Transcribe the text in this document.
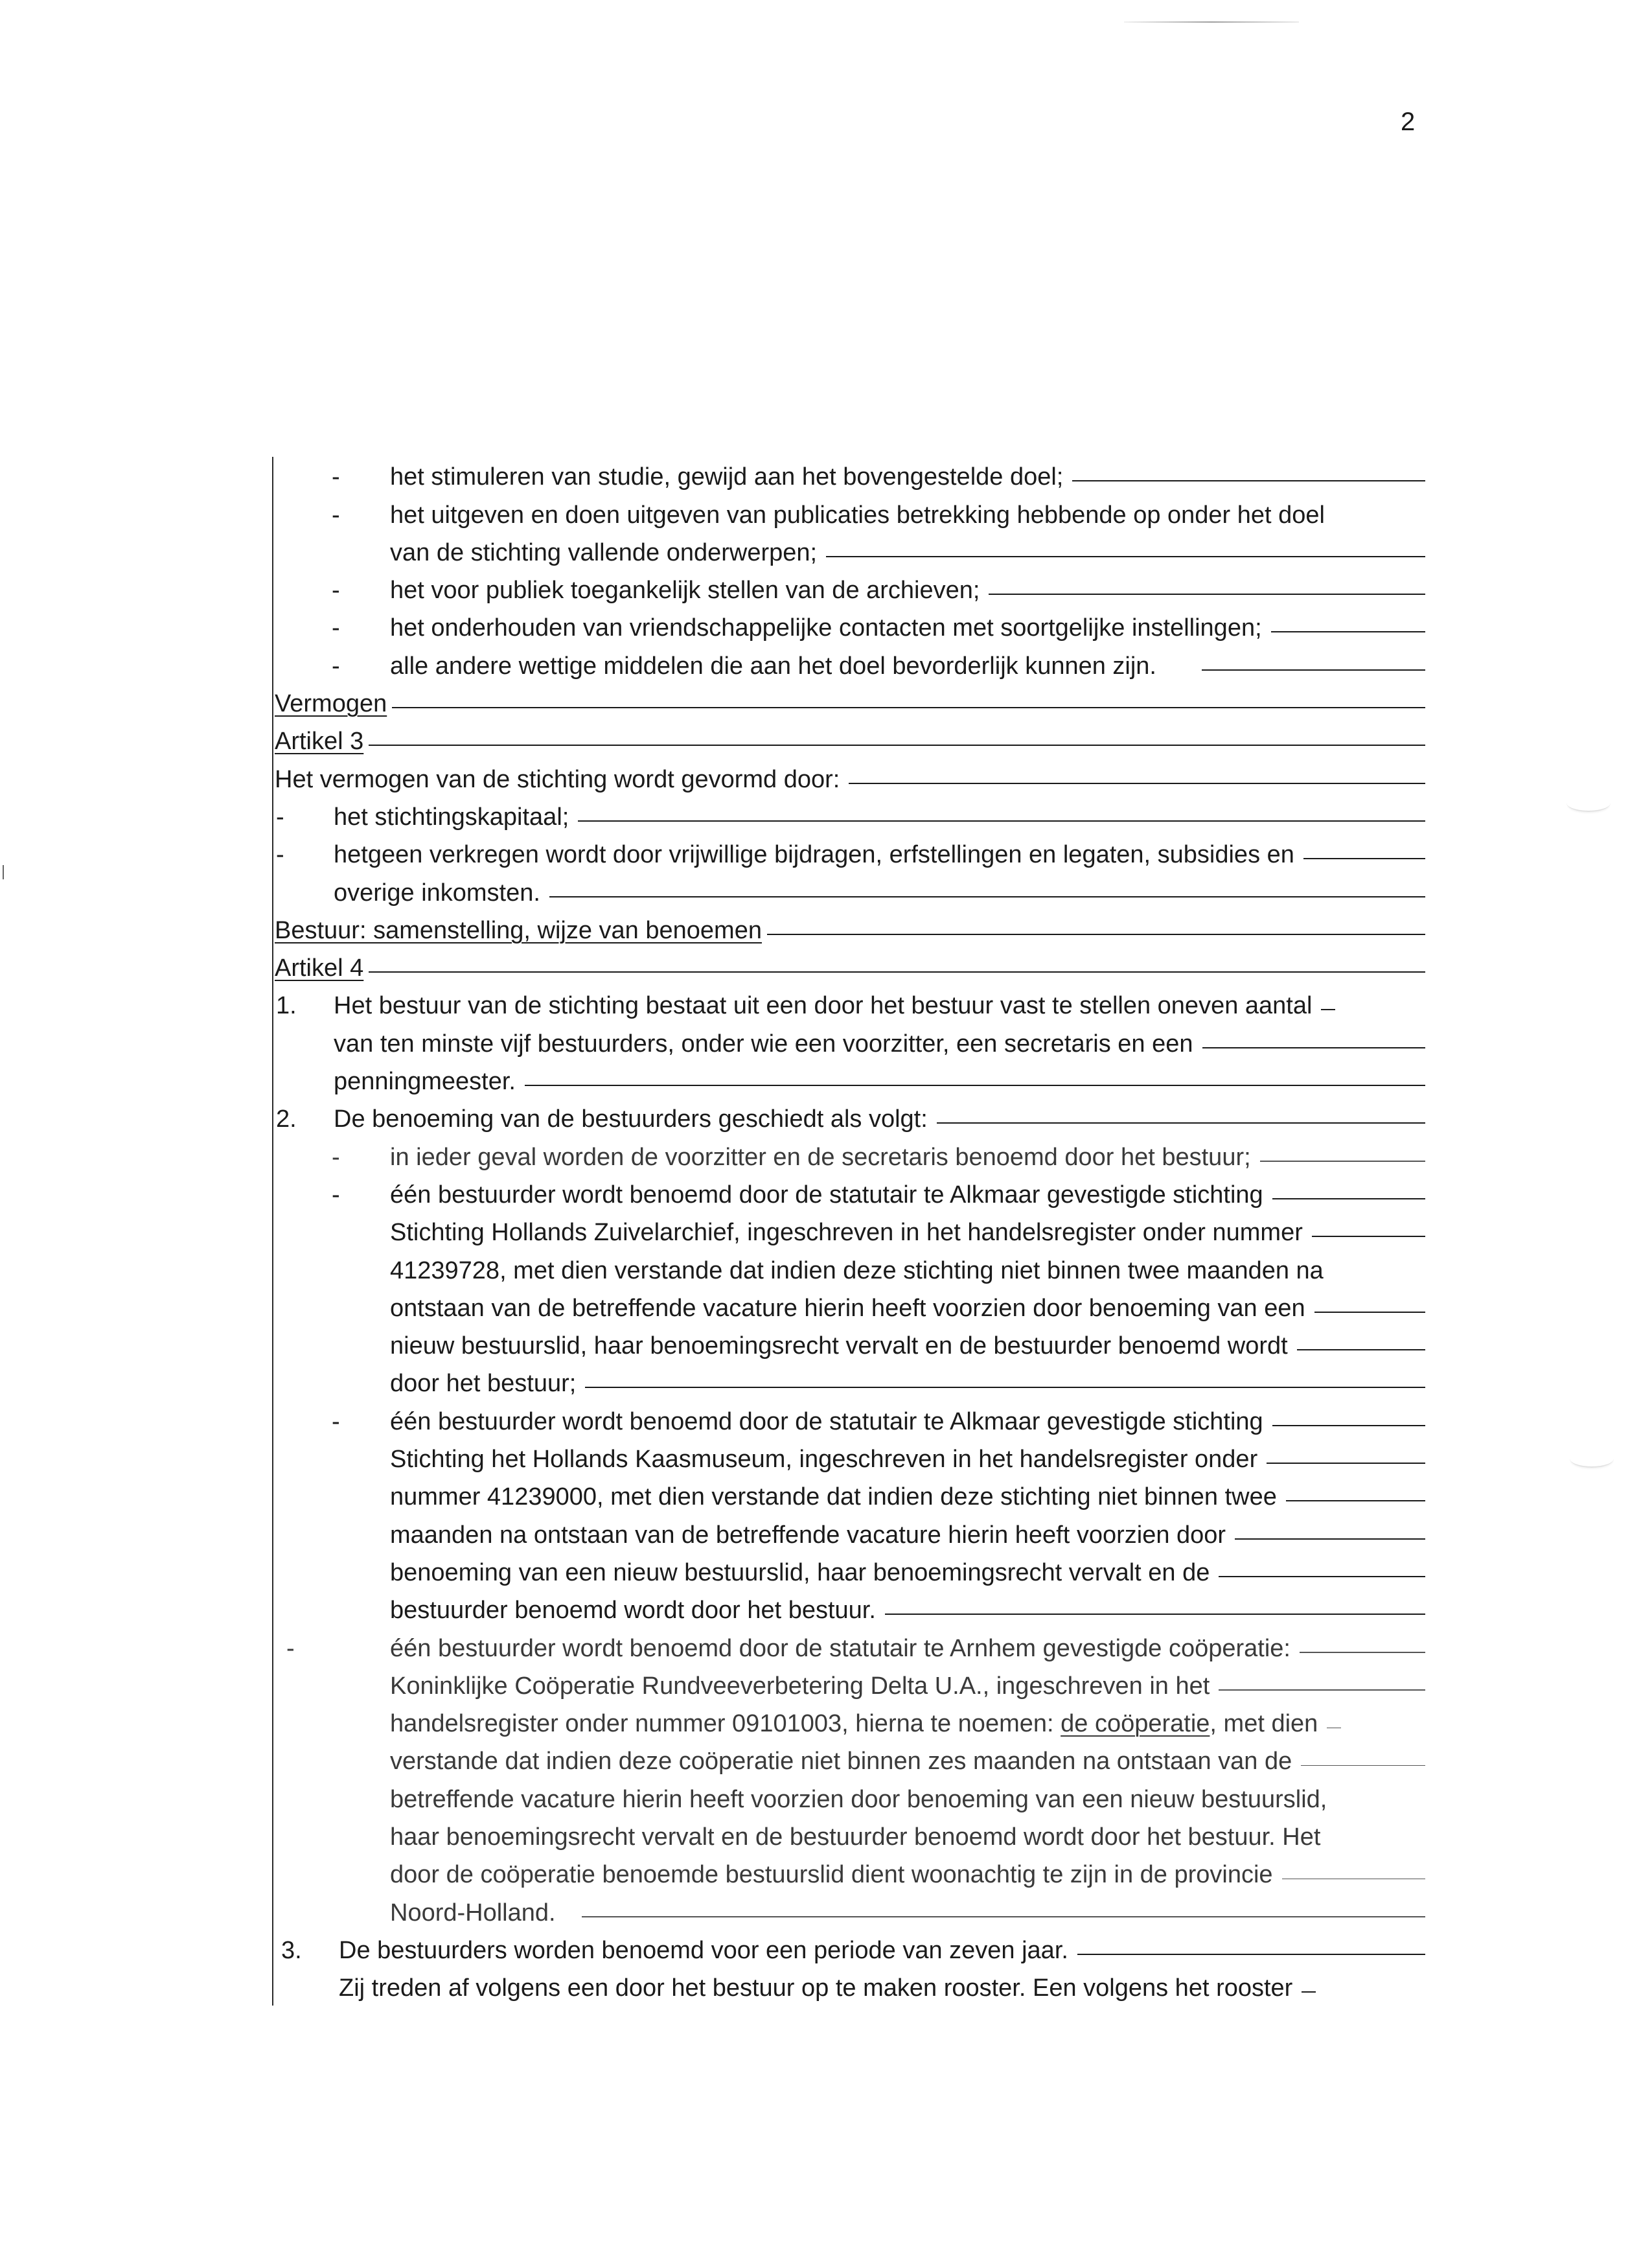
2
-	het stimuleren van studie, gewijd aan het bovengestelde doel;
-	het uitgeven en doen uitgeven van publicaties betrekking hebbende op onder het doel
van de stichting vallende onderwerpen;
-	het voor publiek toegankelijk stellen van de archieven;
-	het onderhouden van vriendschappelijke contacten met soortgelijke instellingen;
-	alle andere wettige middelen die aan het doel bevorderlijk kunnen zijn.
Vermogen
Artikel 3
Het vermogen van de stichting wordt gevormd door:
-	het stichtingskapitaal;
-	hetgeen verkregen wordt door vrijwillige bijdragen, erfstellingen en legaten, subsidies en
overige inkomsten.
Bestuur: samenstelling, wijze van benoemen
Artikel 4
1.	Het bestuur van de stichting bestaat uit een door het bestuur vast te stellen oneven aantal
van ten minste vijf bestuurders, onder wie een voorzitter, een secretaris en een
penningmeester.
2.	De benoeming van de bestuurders geschiedt als volgt:
-	in ieder geval worden de voorzitter en de secretaris benoemd door het bestuur;
-	één bestuurder wordt benoemd door de statutair te Alkmaar gevestigde stichting
Stichting Hollands Zuivelarchief, ingeschreven in het handelsregister onder nummer
41239728, met dien verstande dat indien deze stichting niet binnen twee maanden na
ontstaan van de betreffende vacature hierin heeft voorzien door benoeming van een
nieuw bestuurslid, haar benoemingsrecht vervalt en de bestuurder benoemd wordt
door het bestuur;
-	één bestuurder wordt benoemd door de statutair te Alkmaar gevestigde stichting
Stichting het Hollands Kaasmuseum, ingeschreven in het handelsregister onder
nummer 41239000, met dien verstande dat indien deze stichting niet binnen twee
maanden na ontstaan van de betreffende vacature hierin heeft voorzien door
benoeming van een nieuw bestuurslid, haar benoemingsrecht vervalt en de
bestuurder benoemd wordt door het bestuur.
-	één bestuurder wordt benoemd door de statutair te Arnhem gevestigde coöperatie:
Koninklijke Coöperatie Rundveeverbetering Delta U.A., ingeschreven in het
handelsregister onder nummer 09101003, hierna te noemen: de coöperatie, met dien
verstande dat indien deze coöperatie niet binnen zes maanden na ontstaan van de
betreffende vacature hierin heeft voorzien door benoeming van een nieuw bestuurslid,
haar benoemingsrecht vervalt en de bestuurder benoemd wordt door het bestuur. Het
door de coöperatie benoemde bestuurslid dient woonachtig te zijn in de provincie
Noord-Holland.
3.	De bestuurders worden benoemd voor een periode van zeven jaar.
Zij treden af volgens een door het bestuur op te maken rooster. Een volgens het rooster
